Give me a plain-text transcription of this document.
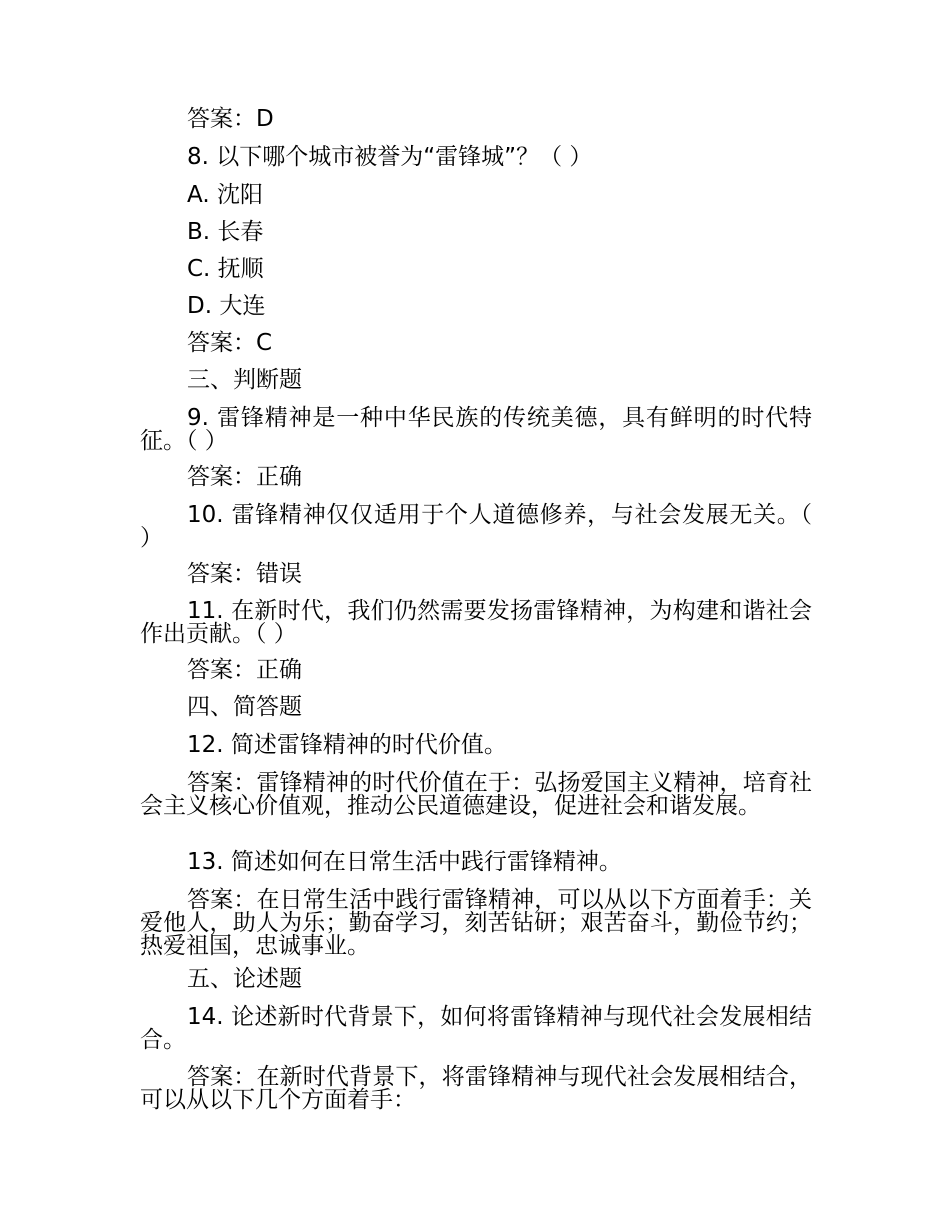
答案：D
8. 以下哪个城市被誉为“雷锋城”？（ ）
A. 沈阳
B. 长春
C. 抚顺
D. 大连
答案：C
三、判断题
9. 雷锋精神是一种中华民族的传统美德，具有鲜明的时代特征。（ ）
答案：正确
10. 雷锋精神仅仅适用于个人道德修养，与社会发展无关。（ ）
答案：错误
11. 在新时代，我们仍然需要发扬雷锋精神，为构建和谐社会作出贡献。（ ）
答案：正确
四、简答题
12. 简述雷锋精神的时代价值。
答案：雷锋精神的时代价值在于：弘扬爱国主义精神，培育社会主义核心价值观，推动公民道德建设，促进社会和谐发展。
13. 简述如何在日常生活中践行雷锋精神。
答案：在日常生活中践行雷锋精神，可以从以下方面着手：关爱他人，助人为乐；勤奋学习，刻苦钻研；艰苦奋斗，勤俭节约；热爱祖国，忠诚事业。
五、论述题
14. 论述新时代背景下，如何将雷锋精神与现代社会发展相结合。
答案：在新时代背景下，将雷锋精神与现代社会发展相结合，可以从以下几个方面着手：
